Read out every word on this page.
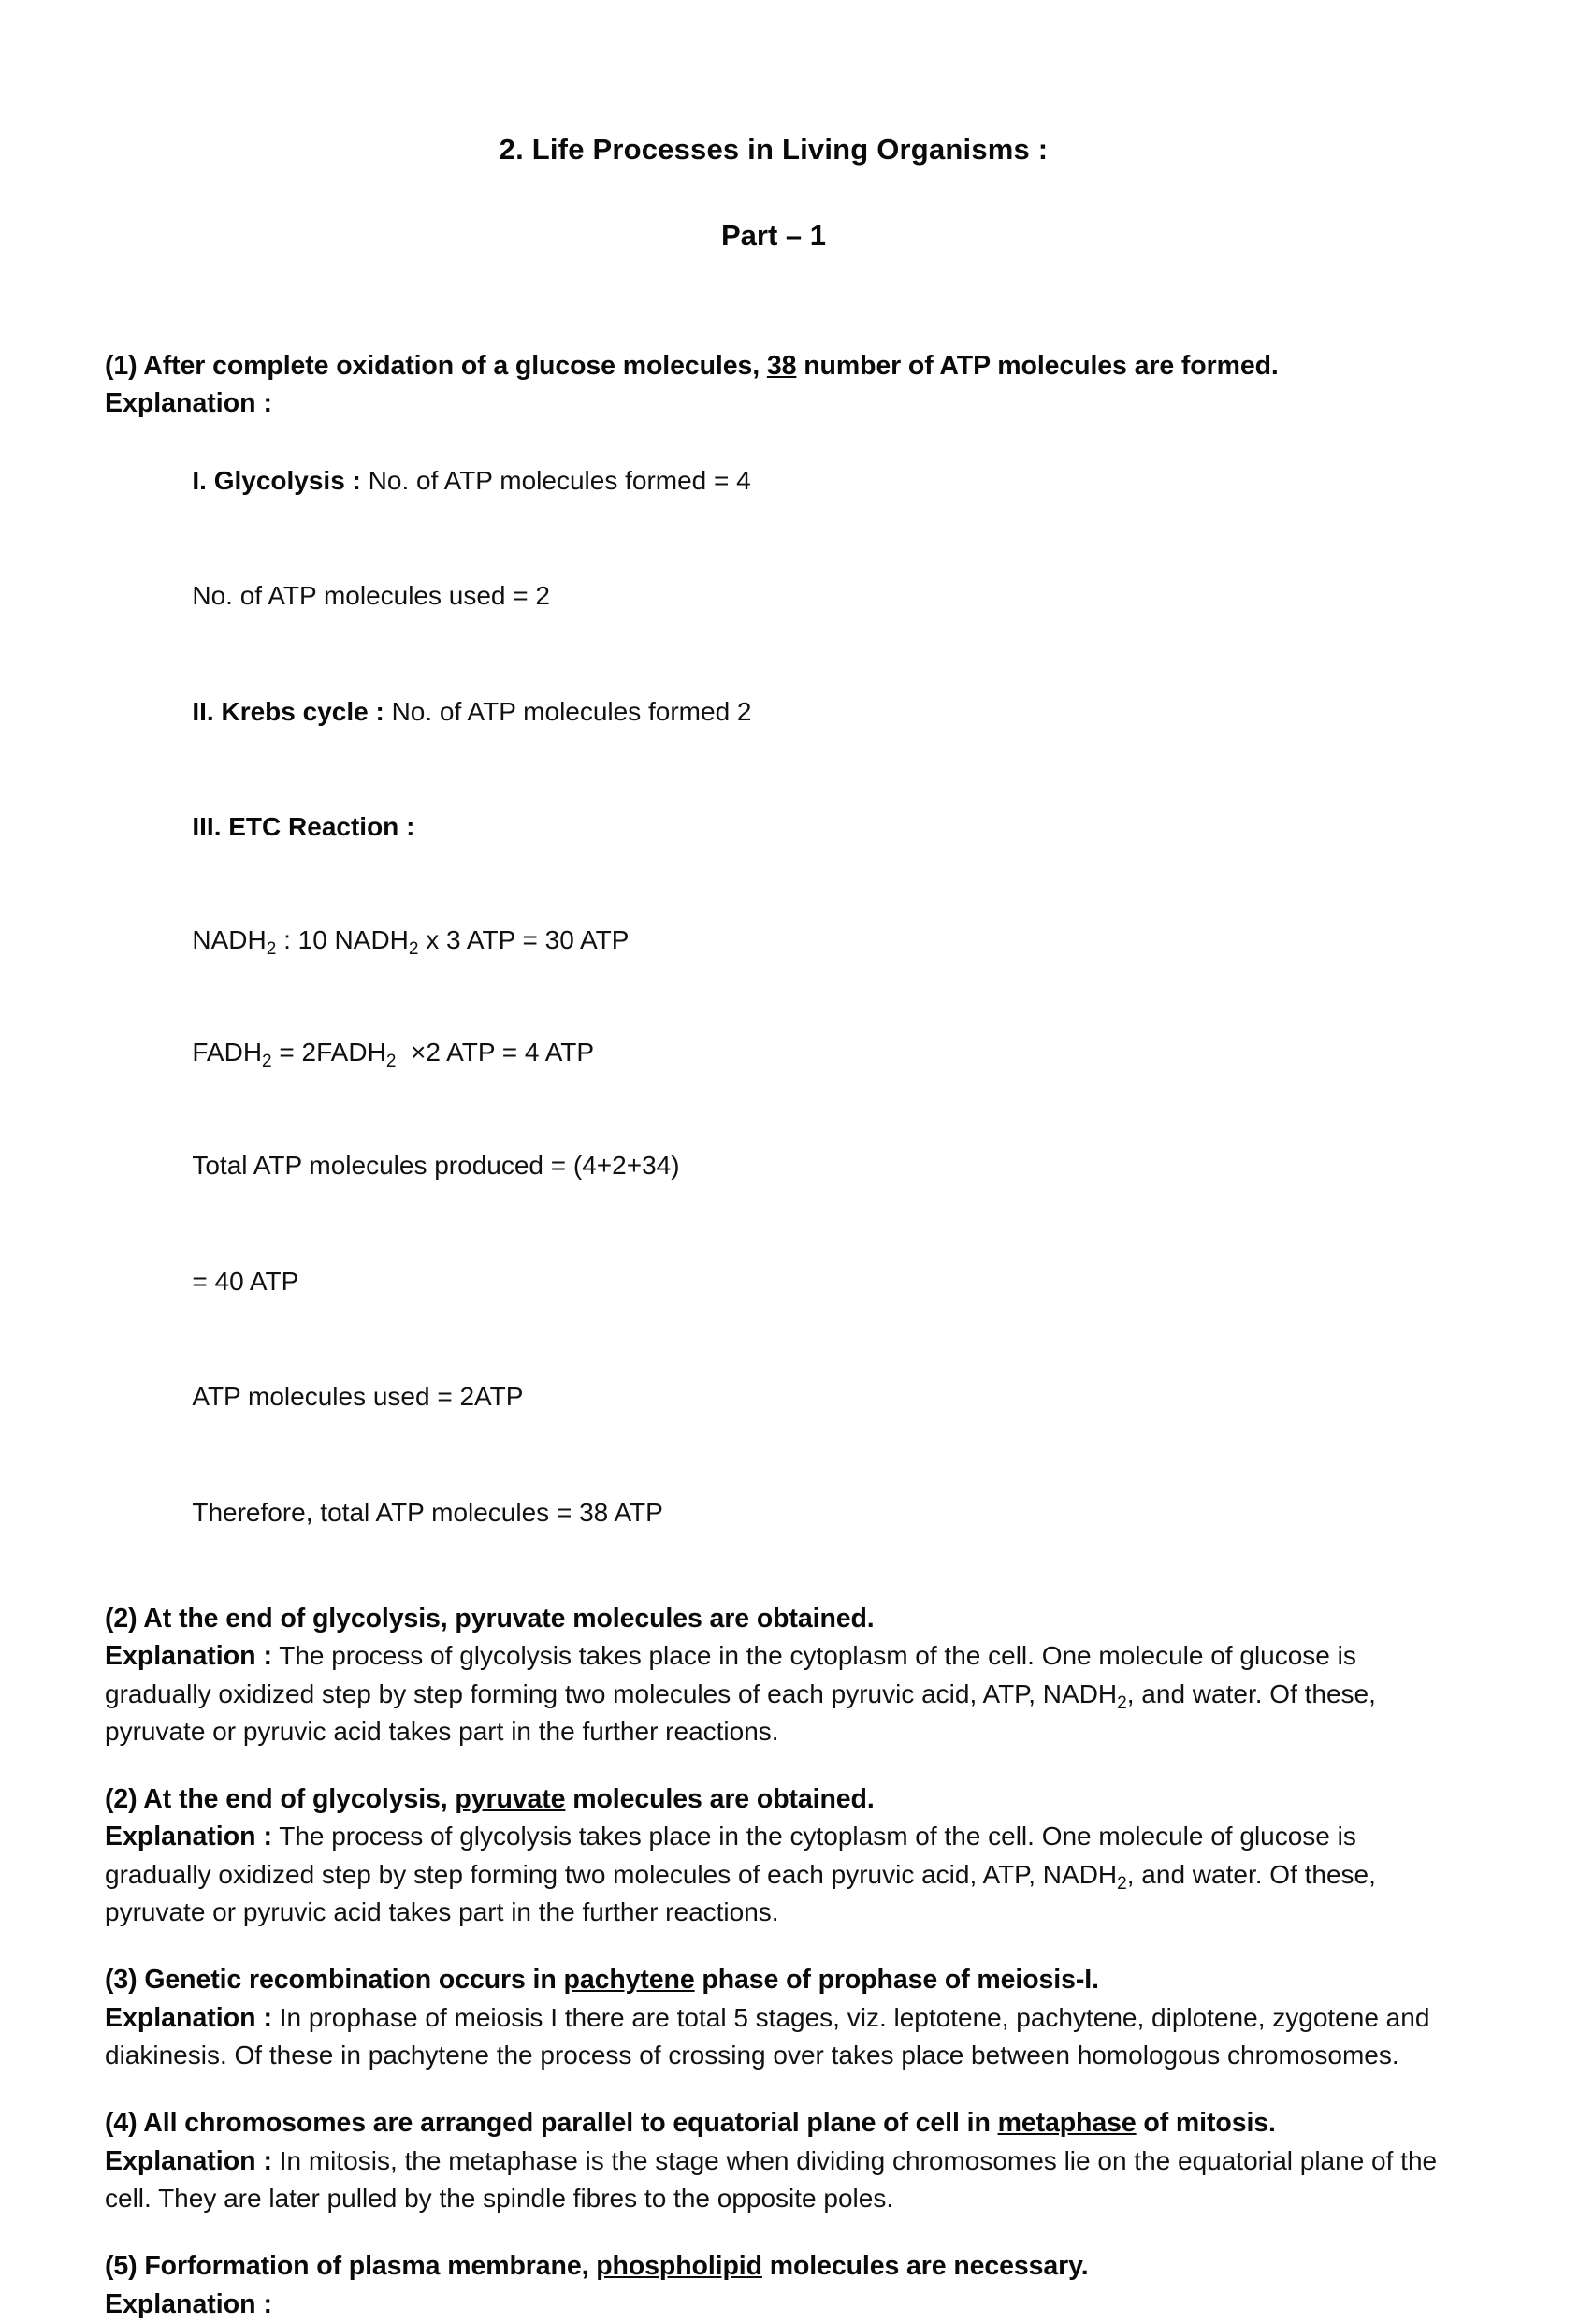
2. Life Processes in Living Organisms :
Part – 1
(1) After complete oxidation of a glucose molecules, 38 number of ATP molecules are formed.
Explanation :

I. Glycolysis : No. of ATP molecules formed = 4

No. of ATP molecules used = 2

II. Krebs cycle : No. of ATP molecules formed 2

III. ETC Reaction :

$NADH_2$ : 10 $NADH_2$ x 3 ATP = 30 ATP

$FADH_2$ = $2FADH_2 \times 2$ ATP = 4 ATP

Total ATP molecules produced = (4+2+34)

= 40 ATP

ATP molecules used = 2ATP

Therefore, total ATP molecules = 38 ATP

(2) At the end of glycolysis, pyruvate molecules are obtained.
Explanation : The process of glycolysis takes place in the cytoplasm of the cell. One molecule of glucose is gradually oxidized step by step forming two molecules of each pyruvic acid, ATP, $NADH_2$, and water. Of these, pyruvate or pyruvic acid takes part in the further reactions.
(2) At the end of glycolysis, pyruvate molecules are obtained.
Explanation : The process of glycolysis takes place in the cytoplasm of the cell. One molecule of glucose is gradually oxidized step by step forming two molecules of each pyruvic acid, ATP, $NADH_2$, and water. Of these, pyruvate or pyruvic acid takes part in the further reactions.
(3) Genetic recombination occurs in pachytene phase of prophase of meiosis-I.
Explanation : In prophase of meiosis I there are total 5 stages, viz. leptotene, pachytene, diplotene, zygotene and diakinesis. Of these in pachytene the process of crossing over takes place between homologous chromosomes.
(4) All chromosomes are arranged parallel to equatorial plane of cell in metaphase of mitosis.
Explanation : In mitosis, the metaphase is the stage when dividing chromosomes lie on the equatorial plane of the cell. They are later pulled by the spindle fibres to the opposite poles.
(5) Forformation of plasma membrane, phospholipid molecules are necessary.
Explanation :
